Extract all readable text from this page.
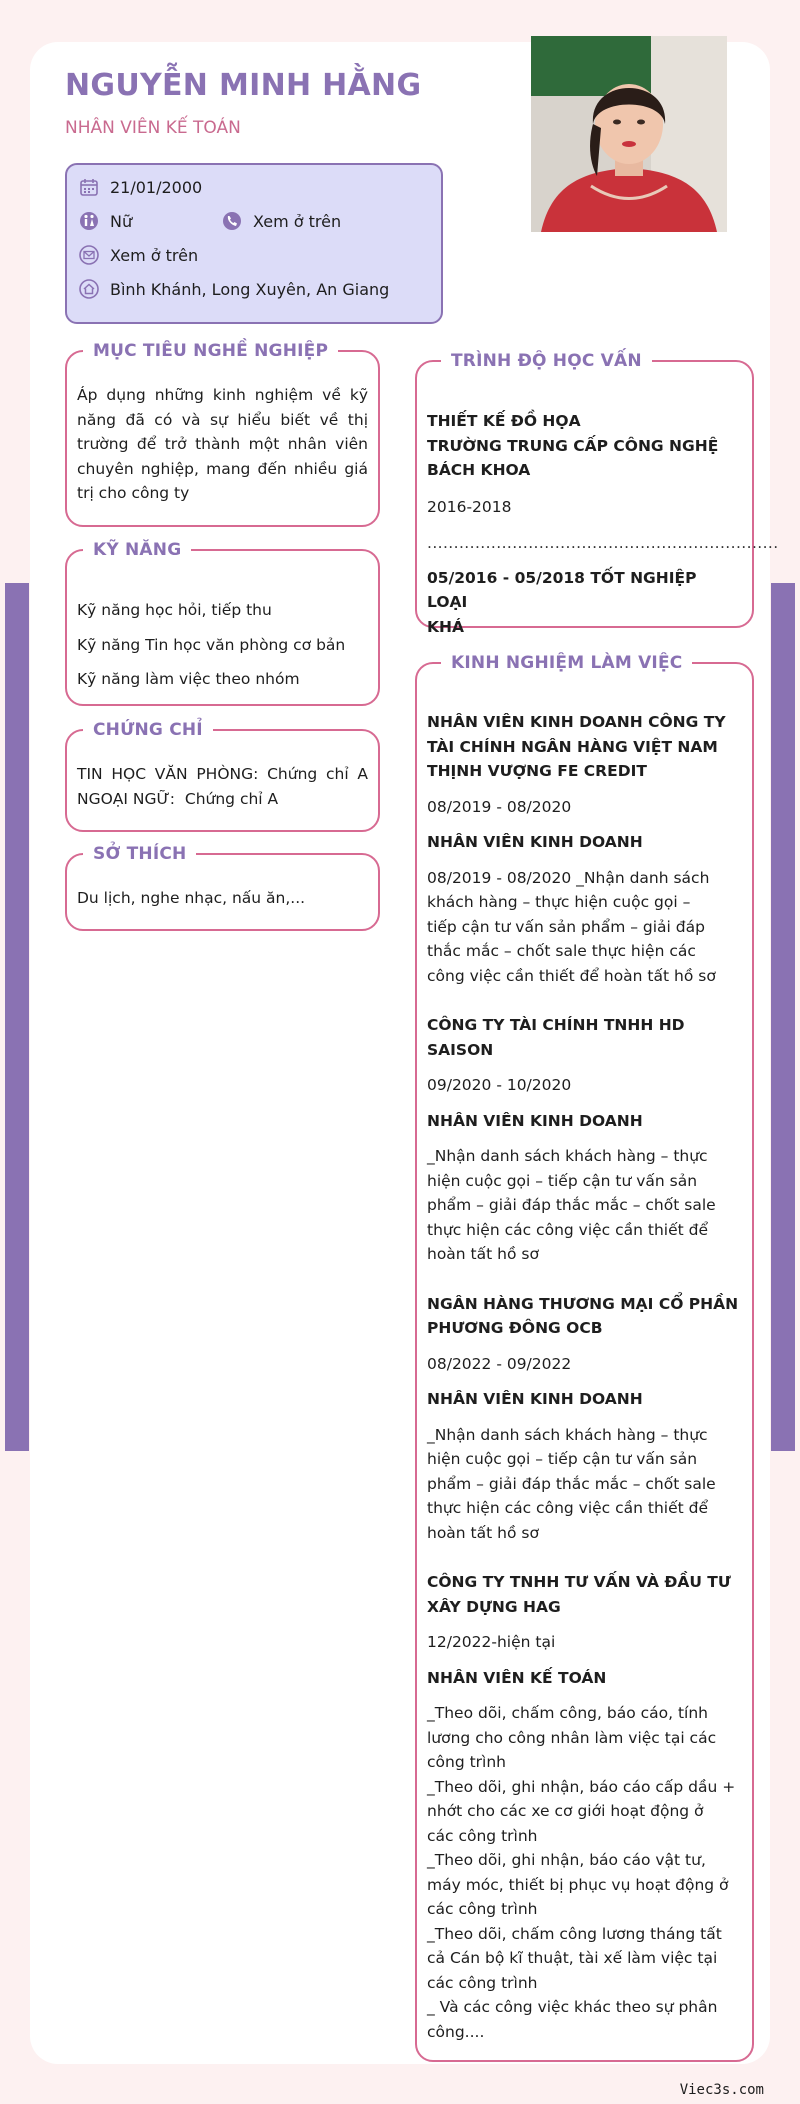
NGUYỄN MINH HẰNG
NHÂN VIÊN KẾ TOÁN
21/01/2000
Nữ	Xem ở trên
Xem ở trên
Bình Khánh, Long Xuyên, An Giang
MỤC TIÊU NGHỀ NGHIỆP
Áp dụng những kinh nghiệm về kỹ năng đã có và sự hiểu biết về thị trường để trở thành một nhân viên chuyên nghiệp, mang đến nhiều giá trị cho công ty
KỸ NĂNG
Kỹ năng học hỏi, tiếp thu
Kỹ năng Tin học văn phòng cơ bản
Kỹ năng làm việc theo nhóm
CHỨNG CHỈ
TIN HỌC VĂN PHÒNG: Chứng chỉ A
NGOẠI NGỮ:  Chứng chỉ A
SỞ THÍCH
Du lịch, nghe nhạc, nấu ăn,...
TRÌNH ĐỘ HỌC VẤN
THIẾT KẾ ĐỒ HỌA
TRƯỜNG TRUNG CẤP CÔNG NGHỆ
BÁCH KHOA
2016-2018
..................................................................
05/2016 - 05/2018 TỐT NGHIỆP LOẠI
KHÁ
KINH NGHIỆM LÀM VIỆC
NHÂN VIÊN KINH DOANH CÔNG TY
TÀI CHÍNH NGÂN HÀNG VIỆT NAM
THỊNH VƯỢNG FE CREDIT
08/2019 - 08/2020
NHÂN VIÊN KINH DOANH
08/2019 - 08/2020 _Nhận danh sách
khách hàng – thực hiện cuộc gọi –
tiếp cận tư vấn sản phẩm – giải đáp
thắc mắc – chốt sale thực hiện các
công việc cần thiết để hoàn tất hồ sơ
CÔNG TY TÀI CHÍNH TNHH HD
SAISON
09/2020 - 10/2020
NHÂN VIÊN KINH DOANH
_Nhận danh sách khách hàng – thực
hiện cuộc gọi – tiếp cận tư vấn sản
phẩm – giải đáp thắc mắc – chốt sale
thực hiện các công việc cần thiết để
hoàn tất hồ sơ
NGÂN HÀNG THƯƠNG MẠI CỔ PHẦN
PHƯƠNG ĐÔNG OCB
08/2022 - 09/2022
NHÂN VIÊN KINH DOANH
_Nhận danh sách khách hàng – thực
hiện cuộc gọi – tiếp cận tư vấn sản
phẩm – giải đáp thắc mắc – chốt sale
thực hiện các công việc cần thiết để
hoàn tất hồ sơ
CÔNG TY TNHH TƯ VẤN VÀ ĐẦU TƯ
XÂY DỰNG HAG
12/2022-hiện tại
NHÂN VIÊN KẾ TOÁN
_Theo dõi, chấm công, báo cáo, tính
lương cho công nhân làm việc tại các
công trình
_Theo dõi, ghi nhận, báo cáo cấp dầu +
nhớt cho các xe cơ giới hoạt động ở
các công trình
_Theo dõi, ghi nhận, báo cáo vật tư,
máy móc, thiết bị phục vụ hoạt động ở
các công trình
_Theo dõi, chấm công lương tháng tất
cả Cán bộ kĩ thuật, tài xế làm việc tại
các công trình
_ Và các công việc khác theo sự phân
công....
Viec3s.com
